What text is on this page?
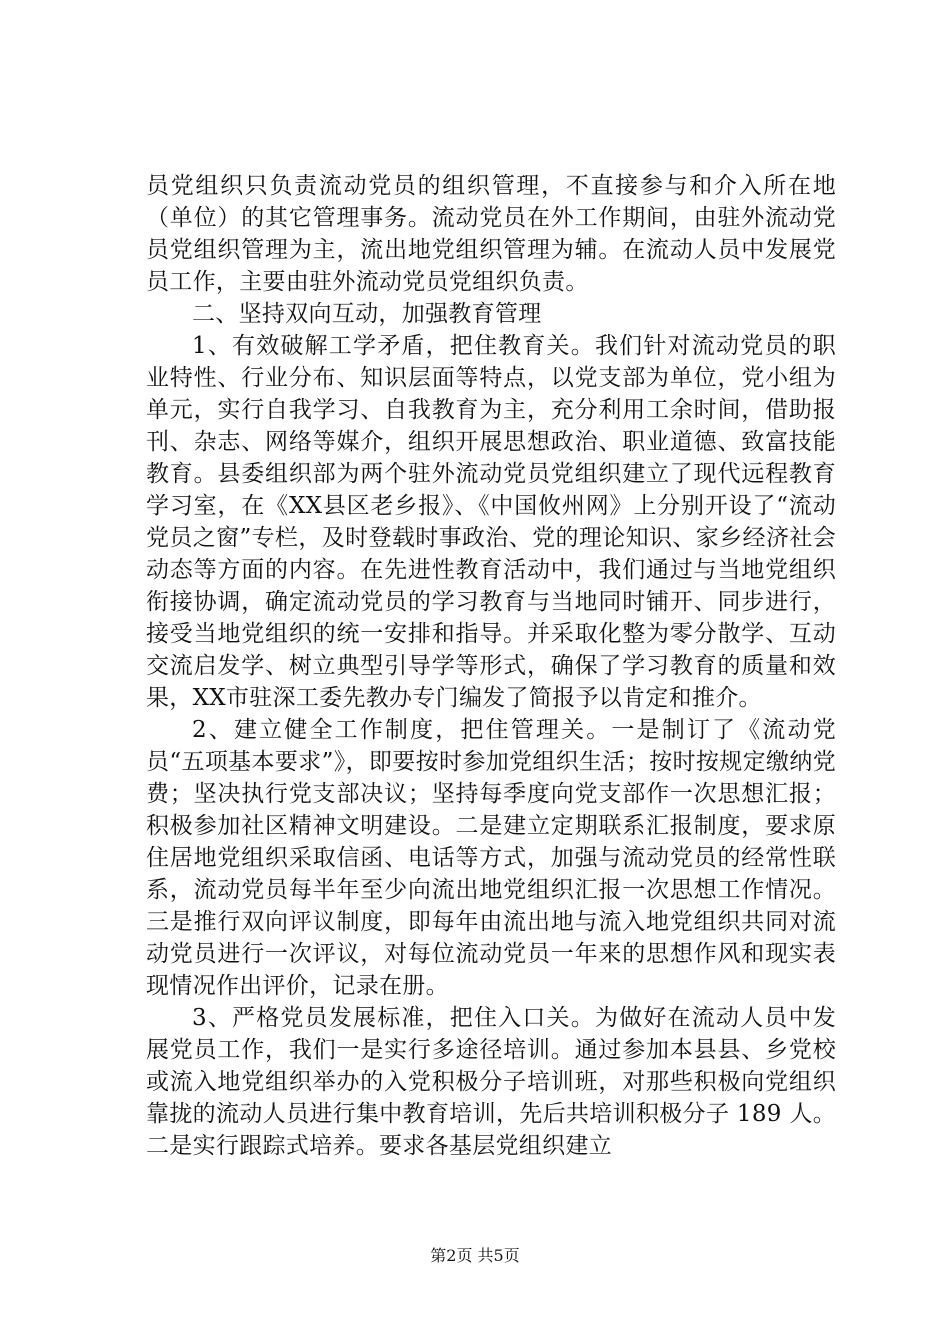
员党组织只负责流动党员的组织管理，不直接参与和介入所在地（单位）的其它管理事务。流动党员在外工作期间，由驻外流动党员党组织管理为主，流出地党组织管理为辅。在流动人员中发展党员工作，主要由驻外流动党员党组织负责。

二、坚持双向互动，加强教育管理

1、有效破解工学矛盾，把住教育关。我们针对流动党员的职业特性、行业分布、知识层面等特点，以党支部为单位，党小组为单元，实行自我学习、自我教育为主，充分利用工余时间，借助报刊、杂志、网络等媒介，组织开展思想政治、职业道德、致富技能教育。县委组织部为两个驻外流动党员党组织建立了现代远程教育学习室，在《XX县区老乡报》、《中国攸州网》上分别开设了“流动党员之窗”专栏，及时登载时事政治、党的理论知识、家乡经济社会动态等方面的内容。在先进性教育活动中，我们通过与当地党组织衔接协调，确定流动党员的学习教育与当地同时铺开、同步进行，接受当地党组织的统一安排和指导。并采取化整为零分散学、互动交流启发学、树立典型引导学等形式，确保了学习教育的质量和效果，XX市驻深工委先教办专门编发了简报予以肯定和推介。

2、建立健全工作制度，把住管理关。一是制订了《流动党员“五项基本要求”》，即要按时参加党组织生活；按时按规定缴纳党费；坚决执行党支部决议；坚持每季度向党支部作一次思想汇报；积极参加社区精神文明建设。二是建立定期联系汇报制度，要求原住居地党组织采取信函、电话等方式，加强与流动党员的经常性联系，流动党员每半年至少向流出地党组织汇报一次思想工作情况。三是推行双向评议制度，即每年由流出地与流入地党组织共同对流动党员进行一次评议，对每位流动党员一年来的思想作风和现实表现情况作出评价，记录在册。

3、严格党员发展标准，把住入口关。为做好在流动人员中发展党员工作，我们一是实行多途径培训。通过参加本县县、乡党校或流入地党组织举办的入党积极分子培训班，对那些积极向党组织靠拢的流动人员进行集中教育培训，先后共培训积极分子 189 人。二是实行跟踪式培养。要求各基层党组织建立

第2页 共5页
